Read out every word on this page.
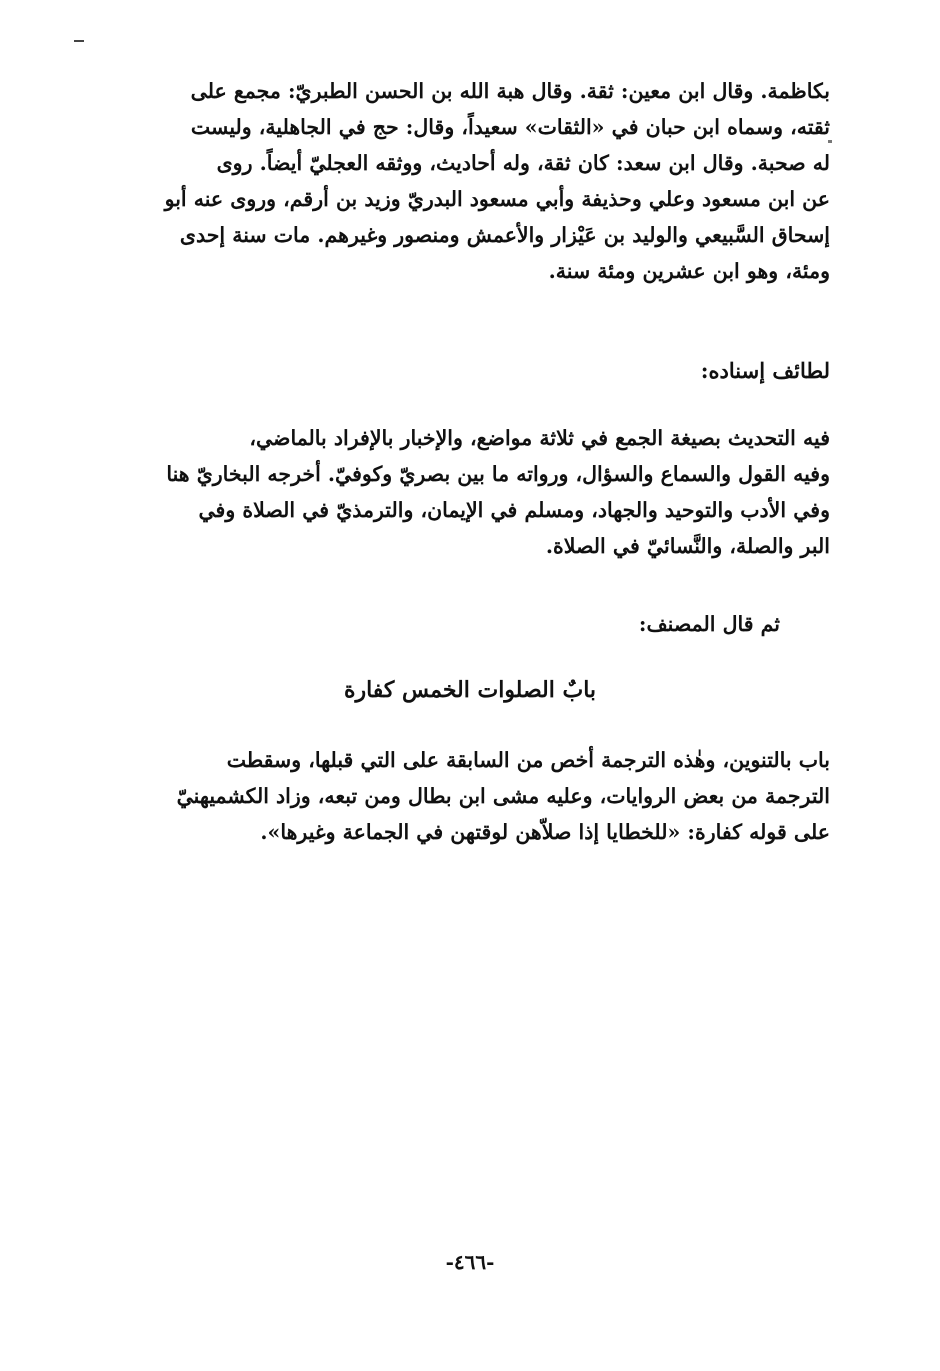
بكاظمة. وقال ابن معين: ثقة. وقال هبة الله بن الحسن الطبريّ: مجمع على
ثقته، وسماه ابن حبان في «الثقات» سعيداً، وقال: حج في الجاهلية، وليست
له صحبة. وقال ابن سعد: كان ثقة، وله أحاديث، ووثقه العجليّ أيضاً. روى
عن ابن مسعود وعلي وحذيفة وأبي مسعود البدريّ وزيد بن أرقم، وروى عنه أبو
إسحاق السَّبيعي والوليد بن عَيْزار والأعمش ومنصور وغيرهم. مات سنة إحدى
ومئة، وهو ابن عشرين ومئة سنة.
لطائف إسناده:
فيه التحديث بصيغة الجمع في ثلاثة مواضع، والإخبار بالإفراد بالماضي،
وفيه القول والسماع والسؤال، ورواته ما بين بصريّ وكوفيّ. أخرجه البخاريّ هنا
وفي الأدب والتوحيد والجهاد، ومسلم في الإيمان، والترمذيّ في الصلاة وفي
البر والصلة، والنَّسائيّ في الصلاة.
ثم قال المصنف:
بابٌ الصلوات الخمس كفارة
باب بالتنوين، وهٰذه الترجمة أخص من السابقة على التي قبلها، وسقطت
الترجمة من بعض الروايات، وعليه مشى ابن بطال ومن تبعه، وزاد الكشميهنيّ
على قوله كفارة: «للخطايا إذا صلاّهن لوقتهن في الجماعة وغيرها».
-٤٦٦-
